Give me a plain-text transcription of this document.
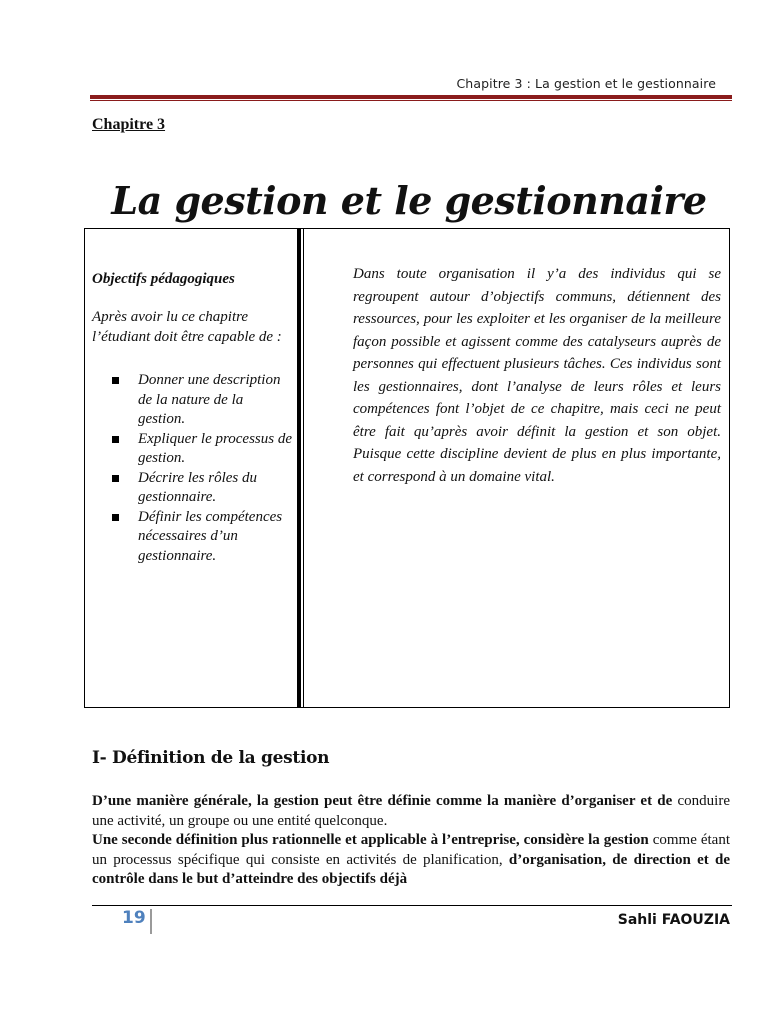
Chapitre 3 : La gestion et le gestionnaire
Chapitre 3
La gestion et le gestionnaire
Objectifs pédagogiques
Après avoir lu ce chapitre l’étudiant doit être capable de :
Donner une description de la nature de la gestion.
Expliquer le processus de gestion.
Décrire les rôles du gestionnaire.
Définir les compétences nécessaires d’un gestionnaire.
Dans toute organisation il y’a des individus qui se regroupent autour d’objectifs communs, détiennent des ressources, pour les exploiter et les organiser de la meilleure façon possible et agissent comme des catalyseurs auprès de personnes qui effectuent plusieurs tâches. Ces individus sont les gestionnaires, dont l’analyse de leurs rôles et leurs compétences font l’objet de ce chapitre, mais ceci ne peut être fait qu’après avoir définit la gestion et son objet. Puisque cette discipline devient de plus en plus importante, et correspond à un domaine vital.
I- Définition de la gestion

D’une manière générale, la gestion peut être définie comme la manière d’organiser et de conduire une activité, un groupe ou une entité quelconque.

Une seconde définition plus rationnelle et applicable à l’entreprise, considère la gestion comme étant un processus spécifique qui consiste en activités de planification, d’organisation, de direction et de contrôle dans le but d’atteindre des objectifs déjà

19	Sahli FAOUZIA
